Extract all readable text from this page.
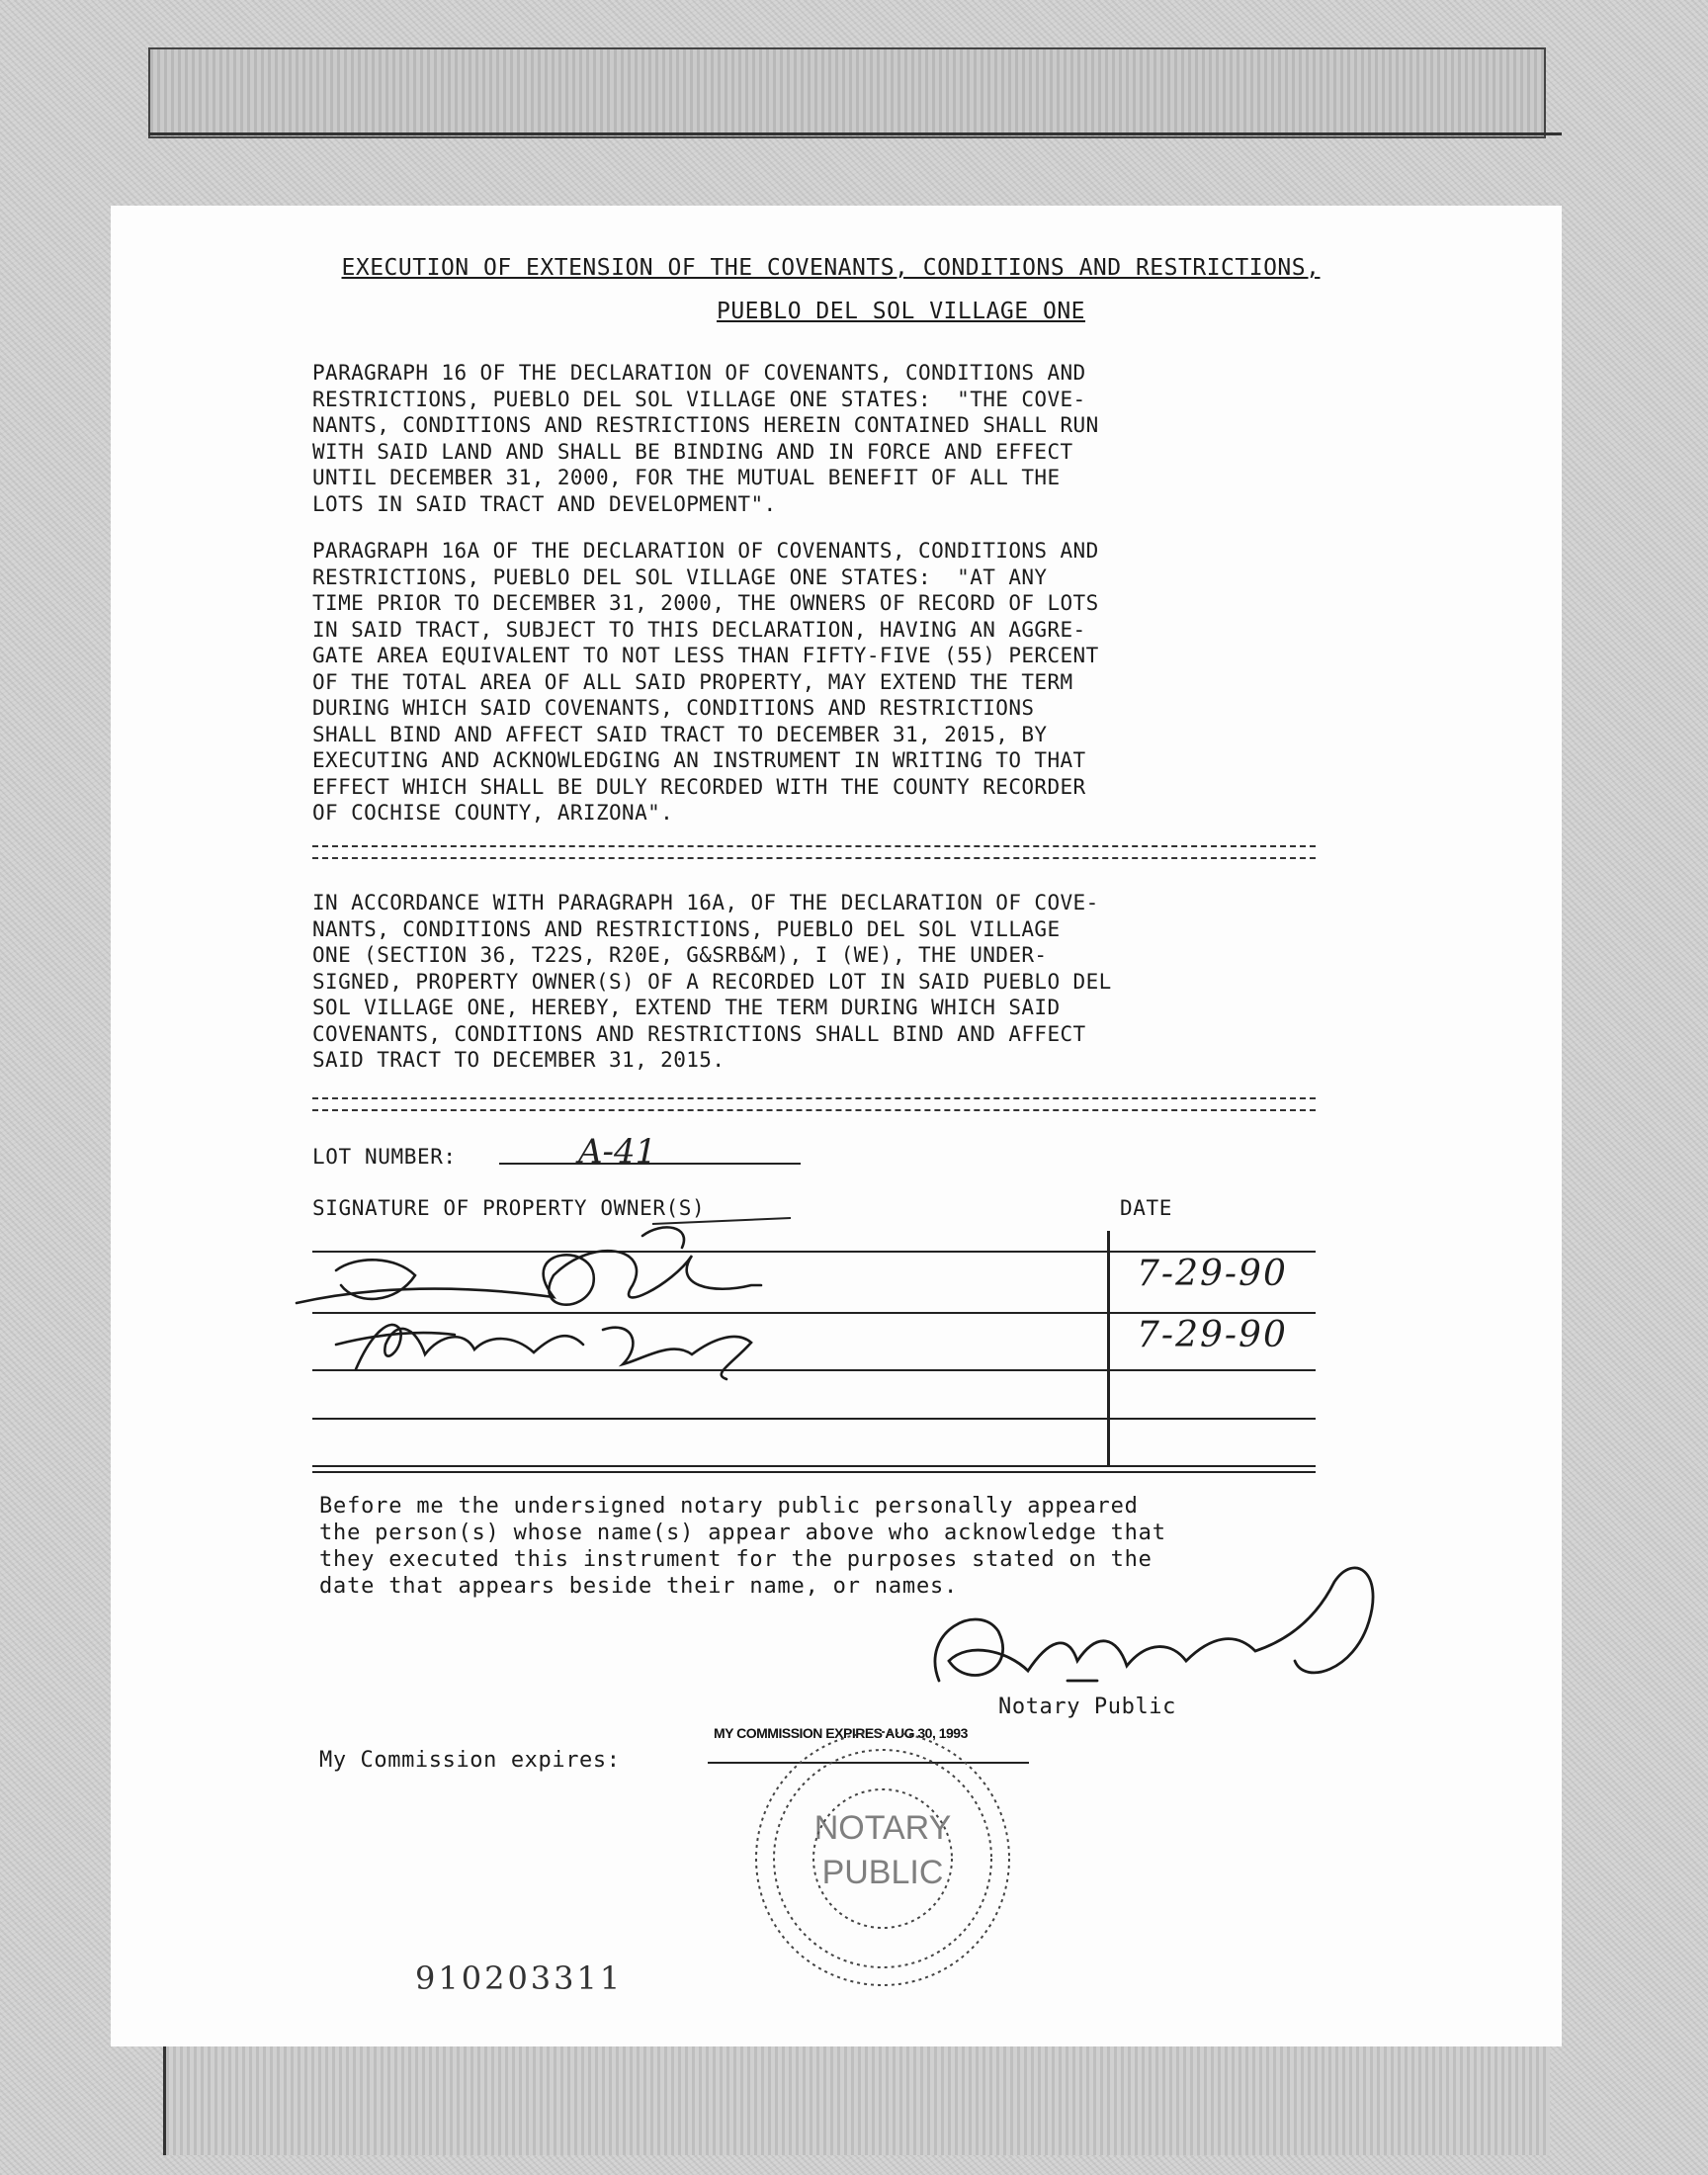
EXECUTION OF EXTENSION OF THE COVENANTS, CONDITIONS AND RESTRICTIONS,
PUEBLO DEL SOL VILLAGE ONE
PARAGRAPH 16 OF THE DECLARATION OF COVENANTS, CONDITIONS AND
RESTRICTIONS, PUEBLO DEL SOL VILLAGE ONE STATES:  "THE COVE-
NANTS, CONDITIONS AND RESTRICTIONS HEREIN CONTAINED SHALL RUN
WITH SAID LAND AND SHALL BE BINDING AND IN FORCE AND EFFECT
UNTIL DECEMBER 31, 2000, FOR THE MUTUAL BENEFIT OF ALL THE
LOTS IN SAID TRACT AND DEVELOPMENT".
PARAGRAPH 16A OF THE DECLARATION OF COVENANTS, CONDITIONS AND
RESTRICTIONS, PUEBLO DEL SOL VILLAGE ONE STATES:  "AT ANY
TIME PRIOR TO DECEMBER 31, 2000, THE OWNERS OF RECORD OF LOTS
IN SAID TRACT, SUBJECT TO THIS DECLARATION, HAVING AN AGGRE-
GATE AREA EQUIVALENT TO NOT LESS THAN FIFTY-FIVE (55) PERCENT
OF THE TOTAL AREA OF ALL SAID PROPERTY, MAY EXTEND THE TERM
DURING WHICH SAID COVENANTS, CONDITIONS AND RESTRICTIONS
SHALL BIND AND AFFECT SAID TRACT TO DECEMBER 31, 2015, BY
EXECUTING AND ACKNOWLEDGING AN INSTRUMENT IN WRITING TO THAT
EFFECT WHICH SHALL BE DULY RECORDED WITH THE COUNTY RECORDER
OF COCHISE COUNTY, ARIZONA".
IN ACCORDANCE WITH PARAGRAPH 16A, OF THE DECLARATION OF COVE-
NANTS, CONDITIONS AND RESTRICTIONS, PUEBLO DEL SOL VILLAGE
ONE (SECTION 36, T22S, R20E, G&SRB&M), I (WE), THE UNDER-
SIGNED, PROPERTY OWNER(S) OF A RECORDED LOT IN SAID PUEBLO DEL
SOL VILLAGE ONE, HEREBY, EXTEND THE TERM DURING WHICH SAID
COVENANTS, CONDITIONS AND RESTRICTIONS SHALL BIND AND AFFECT
SAID TRACT TO DECEMBER 31, 2015.
LOT NUMBER:	A-41
SIGNATURE OF PROPERTY OWNER(S)	DATE
7-29-90
7-29-90
Before me the undersigned notary public personally appeared
the person(s) whose name(s) appear above who acknowledge that
they executed this instrument for the purposes stated on the
date that appears beside their name, or names.
Notary Public
My Commission expires:
MY COMMISSION EXPIRES AUG 30, 1993
910203311
NOTARY
PUBLIC
